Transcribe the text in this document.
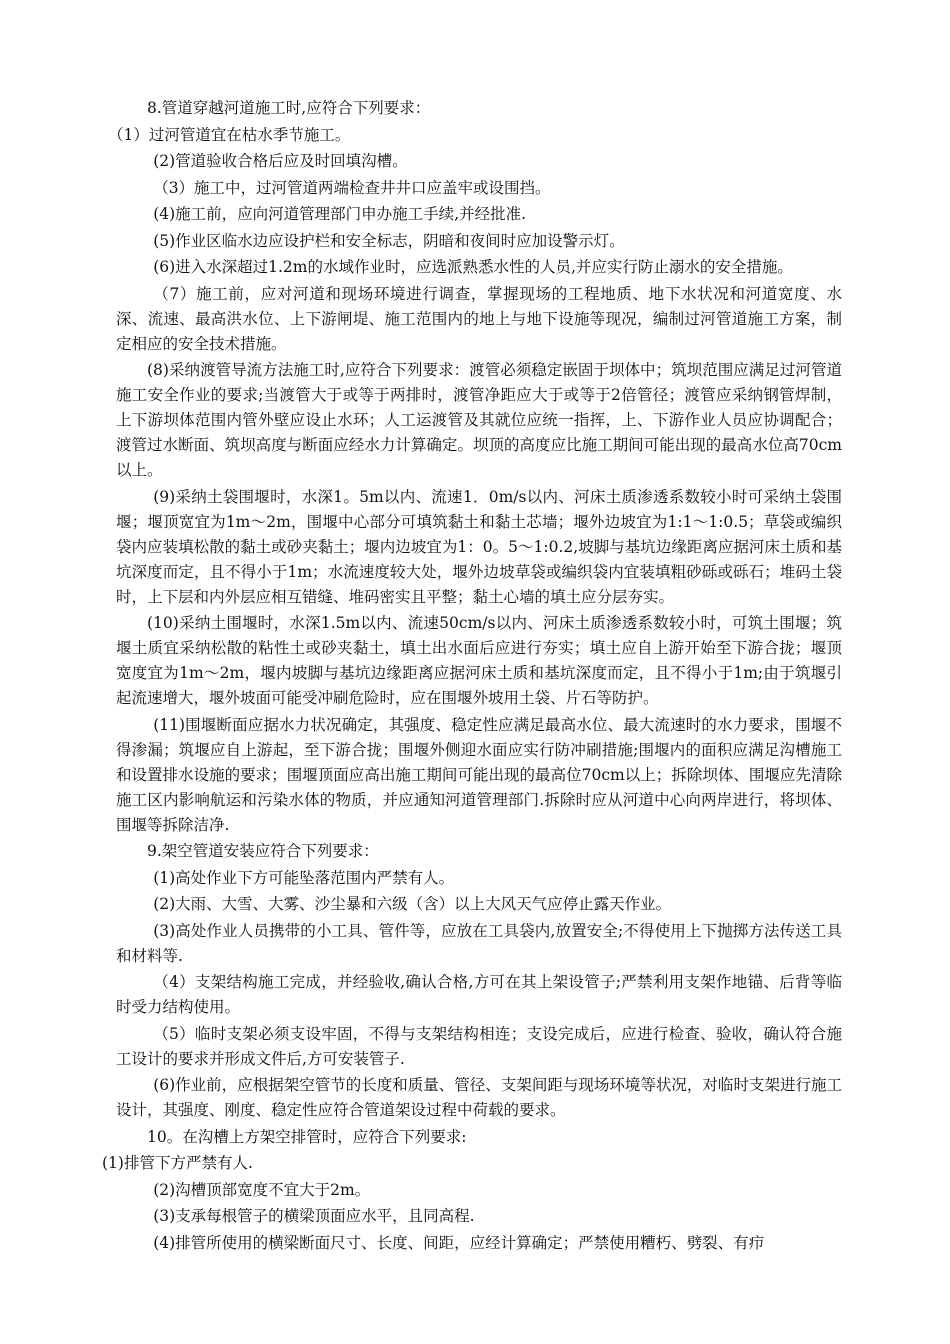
8.管道穿越河道施工时,应符合下列要求：

（1）过河管道宜在枯水季节施工。

(2)管道验收合格后应及时回填沟槽。

（3）施工中，过河管道两端检查井井口应盖牢或设围挡。

(4)施工前，应向河道管理部门申办施工手续,并经批准.

(5)作业区临水边应设护栏和安全标志，阴暗和夜间时应加设警示灯。

(6)进入水深超过1.2m的水域作业时，应选派熟悉水性的人员,并应实行防止溺水的安全措施。

（7）施工前，应对河道和现场环境进行调查，掌握现场的工程地质、地下水状况和河道宽度、水深、流速、最高洪水位、上下游闸堤、施工范围内的地上与地下设施等现况，编制过河管道施工方案，制定相应的安全技术措施。

(8)采纳渡管导流方法施工时,应符合下列要求：渡管必须稳定嵌固于坝体中；筑坝范围应满足过河管道施工安全作业的要求;当渡管大于或等于两排时，渡管净距应大于或等于2倍管径；渡管应采纳钢管焊制，上下游坝体范围内管外壁应设止水环；人工运渡管及其就位应统一指挥，上、下游作业人员应协调配合；渡管过水断面、筑坝高度与断面应经水力计算确定。坝顶的高度应比施工期间可能出现的最高水位高70cm以上。

(9)采纳土袋围堰时，水深1。5m以内、流速1．0m/s以内、河床土质渗透系数较小时可采纳土袋围堰；堰顶宽宜为1m～2m，围堰中心部分可填筑黏土和黏土芯墙；堰外边坡宜为1:1～1:0.5；草袋或编织袋内应装填松散的黏土或砂夹黏土；堰内边坡宜为1：0。5～1:0.2,坡脚与基坑边缘距离应据河床土质和基坑深度而定，且不得小于1m；水流速度较大处，堰外边坡草袋或编织袋内宜装填粗砂砾或砾石；堆码土袋时，上下层和内外层应相互错缝、堆码密实且平整；黏土心墙的填土应分层夯实。

(10)采纳土围堰时，水深1.5m以内、流速50cm/s以内、河床土质渗透系数较小时，可筑土围堰；筑堰土质宜采纳松散的粘性土或砂夹黏土，填土出水面后应进行夯实；填土应自上游开始至下游合拢；堰顶宽度宜为1m～2m，堰内坡脚与基坑边缘距离应据河床土质和基坑深度而定，且不得小于1m;由于筑堰引起流速增大，堰外坡面可能受冲刷危险时，应在围堰外坡用土袋、片石等防护。

(11)围堰断面应据水力状况确定，其强度、稳定性应满足最高水位、最大流速时的水力要求，围堰不得渗漏；筑堰应自上游起，至下游合拢；围堰外侧迎水面应实行防冲刷措施;围堰内的面积应满足沟槽施工和设置排水设施的要求；围堰顶面应高出施工期间可能出现的最高位70cm以上；拆除坝体、围堰应先清除施工区内影响航运和污染水体的物质，并应通知河道管理部门.拆除时应从河道中心向两岸进行，将坝体、围堰等拆除洁净.

9.架空管道安装应符合下列要求：

(1)高处作业下方可能坠落范围内严禁有人。

(2)大雨、大雪、大雾、沙尘暴和六级（含）以上大风天气应停止露天作业。

(3)高处作业人员携带的小工具、管件等，应放在工具袋内,放置安全;不得使用上下抛掷方法传送工具和材料等.

（4）支架结构施工完成，并经验收,确认合格,方可在其上架设管子;严禁利用支架作地锚、后背等临时受力结构使用。

（5）临时支架必须支设牢固，不得与支架结构相连；支设完成后，应进行检查、验收，确认符合施工设计的要求并形成文件后,方可安装管子.

(6)作业前，应根据架空管节的长度和质量、管径、支架间距与现场环境等状况，对临时支架进行施工设计，其强度、刚度、稳定性应符合管道架设过程中荷载的要求。

10。在沟槽上方架空排管时，应符合下列要求:

(1)排管下方严禁有人.

(2)沟槽顶部宽度不宜大于2m。

(3)支承每根管子的横梁顶面应水平，且同高程.

(4)排管所使用的横梁断面尺寸、长度、间距，应经计算确定；严禁使用糟朽、劈裂、有疖
